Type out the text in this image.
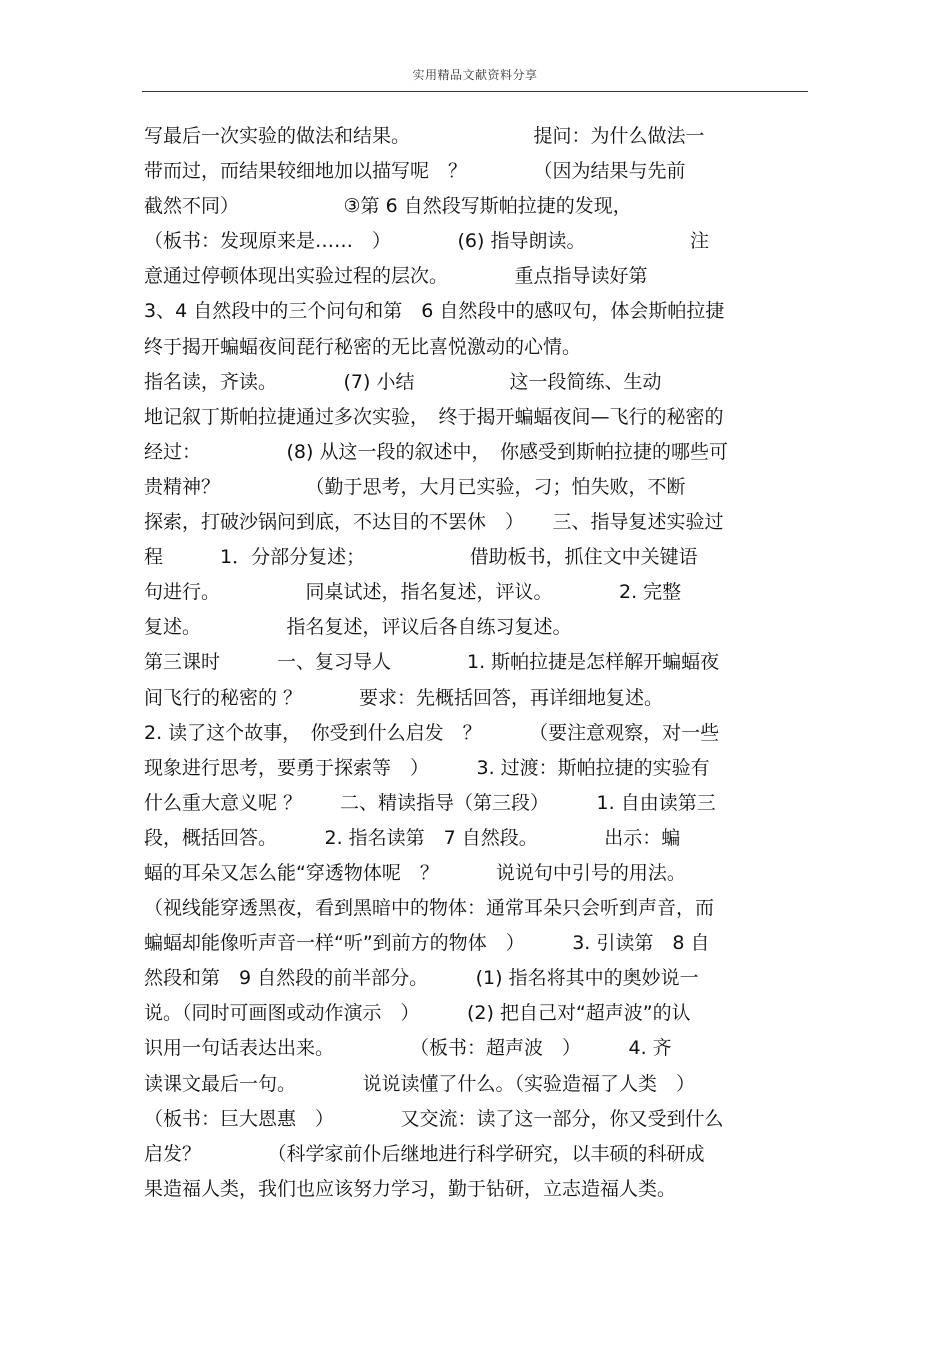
实用精品文献资料分享
写最后一次实验的做法和结果。　　　　　　　提问：为什么做法一
带而过，而结果较细地加以描写呢　？　　　　（因为结果与先前
截然不同）　　　　　　③第 6 自然段写斯帕拉捷的发现，
（板书：发现原来是……　）　　　　(6) 指导朗读。　　　　　　注
意通过停顿体现出实验过程的层次。　　　　重点指导读好第
3、4 自然段中的三个问句和第　6 自然段中的感叹句，体会斯帕拉捷
终于揭开蝙蝠夜间琵行秘密的无比喜悦激动的心情。
指名读，齐读。　　　　(7) 小结　　　　　这一段简练、生动
地记叙丁斯帕拉捷通过多次实验，　终于揭开蝙蝠夜间—飞行的秘密的
经过：　　　　　(8) 从这一段的叙述中，　你感受到斯帕拉捷的哪些可
贵精神？　　　　　（勤于思考，大月已实验，刁；怕失败，不断
探索，打破沙锅问到底，不达目的不罢休　）　　三、指导复述实验过
程　　　1．分部分复述；　　　　　　借助板书，抓住文中关键语
句进行。　　　　　同桌试述，指名复述，评议。　　　　2. 完整
复述。　　　　　指名复述，评议后各自练习复述。
第三课时　　　一、复习导人　　　　1. 斯帕拉捷是怎样解开蝙蝠夜
间飞行的秘密的 ？　　　要求：先概括回答，再详细地复述。
2. 读了这个故事，　你受到什么启发　？　　　（要注意观察，对一些
现象进行思考，要勇于探索等　）　　　3. 过渡：斯帕拉捷的实验有
什么重大意义呢 ？　　二、精读指导（第三段）　　　1. 自由读第三
段，概括回答。　　　2. 指名读第　7 自然段。　　　　出示：蝙
蝠的耳朵又怎么能“穿透物体呢　？　　　说说句中引号的用法。
（视线能穿透黑夜，看到黑暗中的物体：通常耳朵只会听到声音，而
蝙蝠却能像听声音一样“听”到前方的物体　）　　　3. 引读第　8 自
然段和第　9 自然段的前半部分。　　　(1) 指名将其中的奥妙说一
说。（同时可画图或动作演示　）　　　(2) 把自己对“超声波”的认
识用一句话表达出来。　　　　　（板书：超声波　）　　　4. 齐
读课文最后一句。　　　　说说读懂了什么。（实验造福了人类　）
（板书：巨大恩惠　）　　　　又交流：读了这一部分，你又受到什么
启发？　　　　（科学家前仆后继地进行科学研究，以丰硕的科研成
果造福人类，我们也应该努力学习，勤于钻研，立志造福人类。
